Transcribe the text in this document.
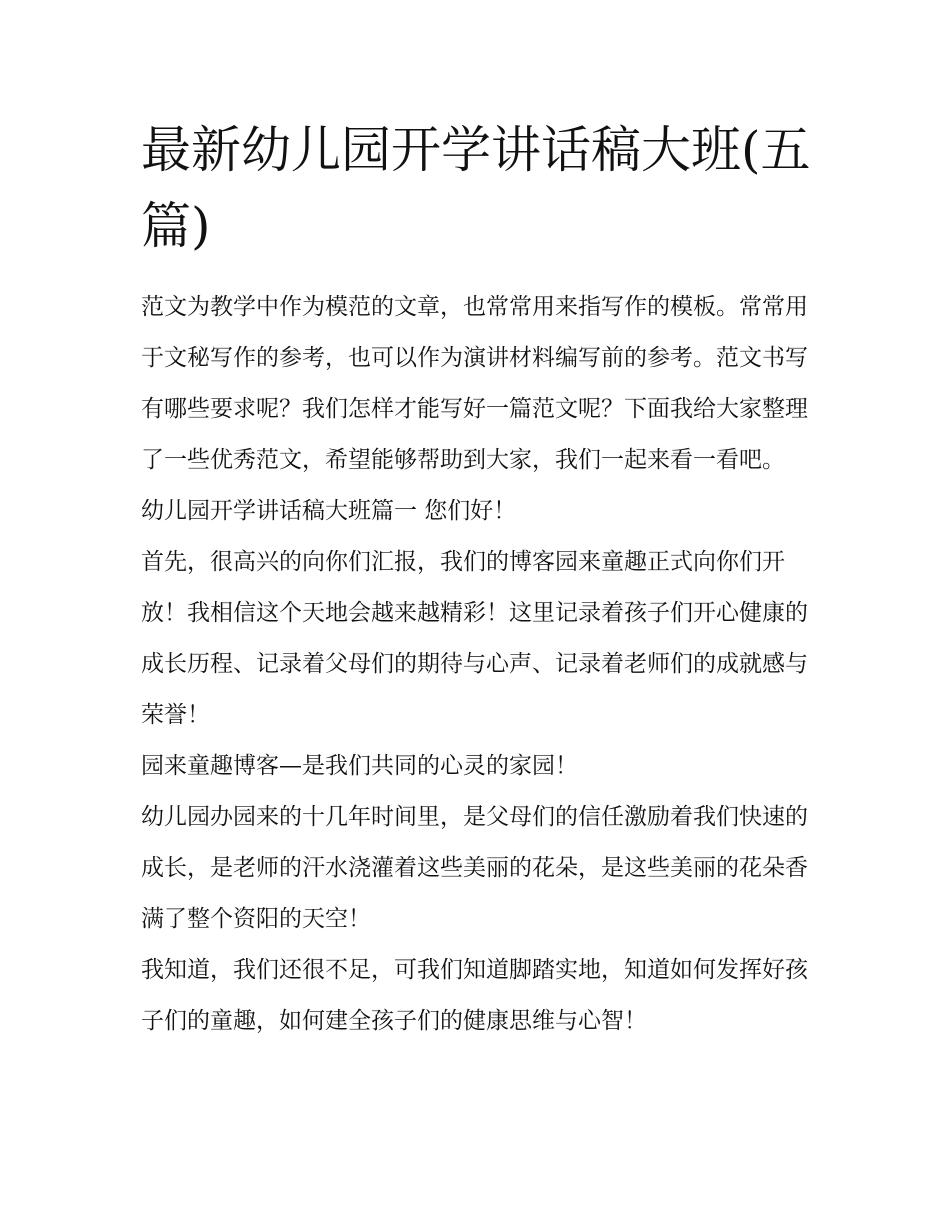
最新幼儿园开学讲话稿大班(五篇)

范文为教学中作为模范的文章，也常常用来指写作的模板。常常用于文秘写作的参考，也可以作为演讲材料编写前的参考。范文书写有哪些要求呢？我们怎样才能写好一篇范文呢？下面我给大家整理了一些优秀范文，希望能够帮助到大家，我们一起来看一看吧。

幼儿园开学讲话稿大班篇一 您们好！

首先，很高兴的向你们汇报，我们的博客园来童趣正式向你们开放！我相信这个天地会越来越精彩！这里记录着孩子们开心健康的成长历程、记录着父母们的期待与心声、记录着老师们的成就感与荣誉！

园来童趣博客—是我们共同的心灵的家园！

幼儿园办园来的十几年时间里，是父母们的信任激励着我们快速的成长，是老师的汗水浇灌着这些美丽的花朵，是这些美丽的花朵香满了整个资阳的天空！

我知道，我们还很不足，可我们知道脚踏实地，知道如何发挥好孩子们的童趣，如何建全孩子们的健康思维与心智！
